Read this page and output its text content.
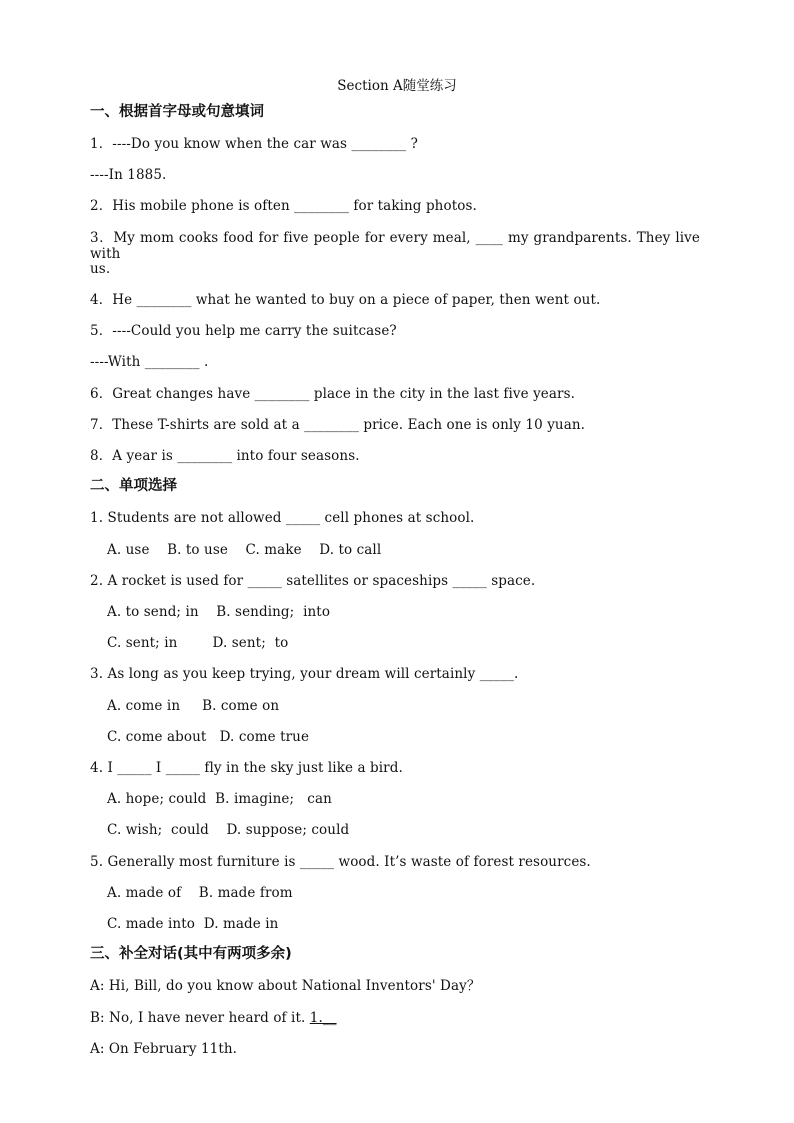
Section A随堂练习
一、根据首字母或句意填词
1．----Do you know when the car was ________ ?
----In 1885.
2．His mobile phone is often ________ for taking photos.
3．My mom cooks food for five people for every meal, ____ my grandparents. They live with
us.
4．He ________ what he wanted to buy on a piece of paper, then went out.
5．----Could you help me carry the suitcase?
----With ________ .
6．Great changes have ________ place in the city in the last five years.
7．These T-shirts are sold at a ________ price. Each one is only 10 yuan.
8．A year is ________ into four seasons.
二、单项选择
1. Students are not allowed _____ cell phones at school.
A. use    B. to use    C. make    D. to call
2. A rocket is used for _____ satellites or spaceships _____ space.
A. to send; in    B. sending;  into
C. sent; in        D. sent;  to
3. As long as you keep trying, your dream will certainly _____.
A. come in     B. come on
C. come about   D. come true
4. I _____ I _____ fly in the sky just like a bird.
A. hope; could  B. imagine;   can
C. wish;  could    D. suppose; could
5. Generally most furniture is _____ wood. It’s waste of forest resources.
A. made of    B. made from
C. made into  D. made in
三、补全对话(其中有两项多余)
A: Hi, Bill, do you know about National Inventors' Day？
B: No, I have never heard of it. 1.__
A: On February 11th.
